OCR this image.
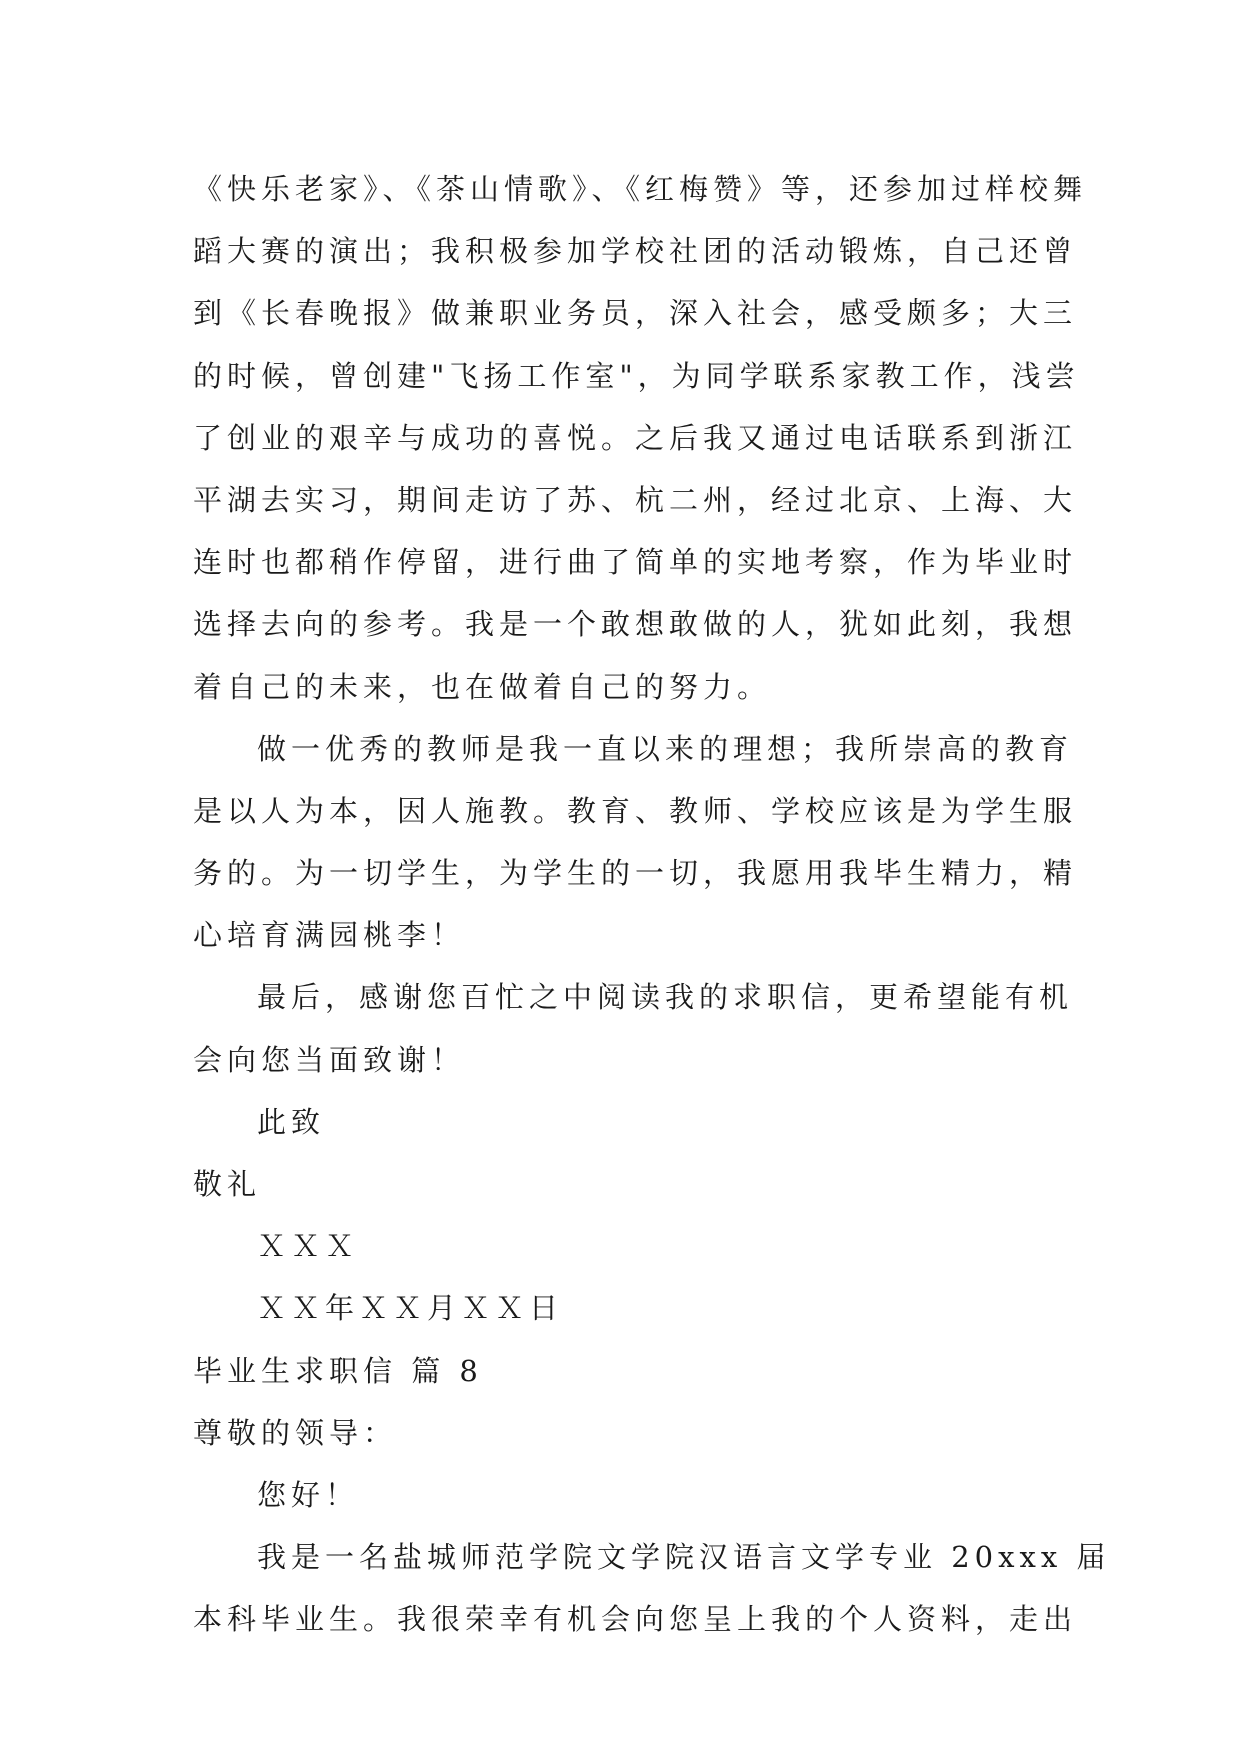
《快乐老家》、《茶山情歌》、《红梅赞》等，还参加过样校舞
蹈大赛的演出；我积极参加学校社团的活动锻炼，自己还曾
到《长春晚报》做兼职业务员，深入社会，感受颇多；大三
的时候，曾创建"飞扬工作室"，为同学联系家教工作，浅尝
了创业的艰辛与成功的喜悦。之后我又通过电话联系到浙江
平湖去实习，期间走访了苏、杭二州，经过北京、上海、大
连时也都稍作停留，进行曲了简单的实地考察，作为毕业时
选择去向的参考。我是一个敢想敢做的人，犹如此刻，我想
着自己的未来，也在做着自己的努力。
做一优秀的教师是我一直以来的理想；我所崇高的教育
是以人为本，因人施教。教育、教师、学校应该是为学生服
务的。为一切学生，为学生的一切，我愿用我毕生精力，精
心培育满园桃李！
最后，感谢您百忙之中阅读我的求职信，更希望能有机
会向您当面致谢！
此致
敬礼
ＸＸＸ
ＸＸ年ＸＸ月ＸＸ日
毕业生求职信 篇 8
尊敬的领导：
您好！
我是一名盐城师范学院文学院汉语言文学专业 20xxx 届
本科毕业生。我很荣幸有机会向您呈上我的个人资料，走出
